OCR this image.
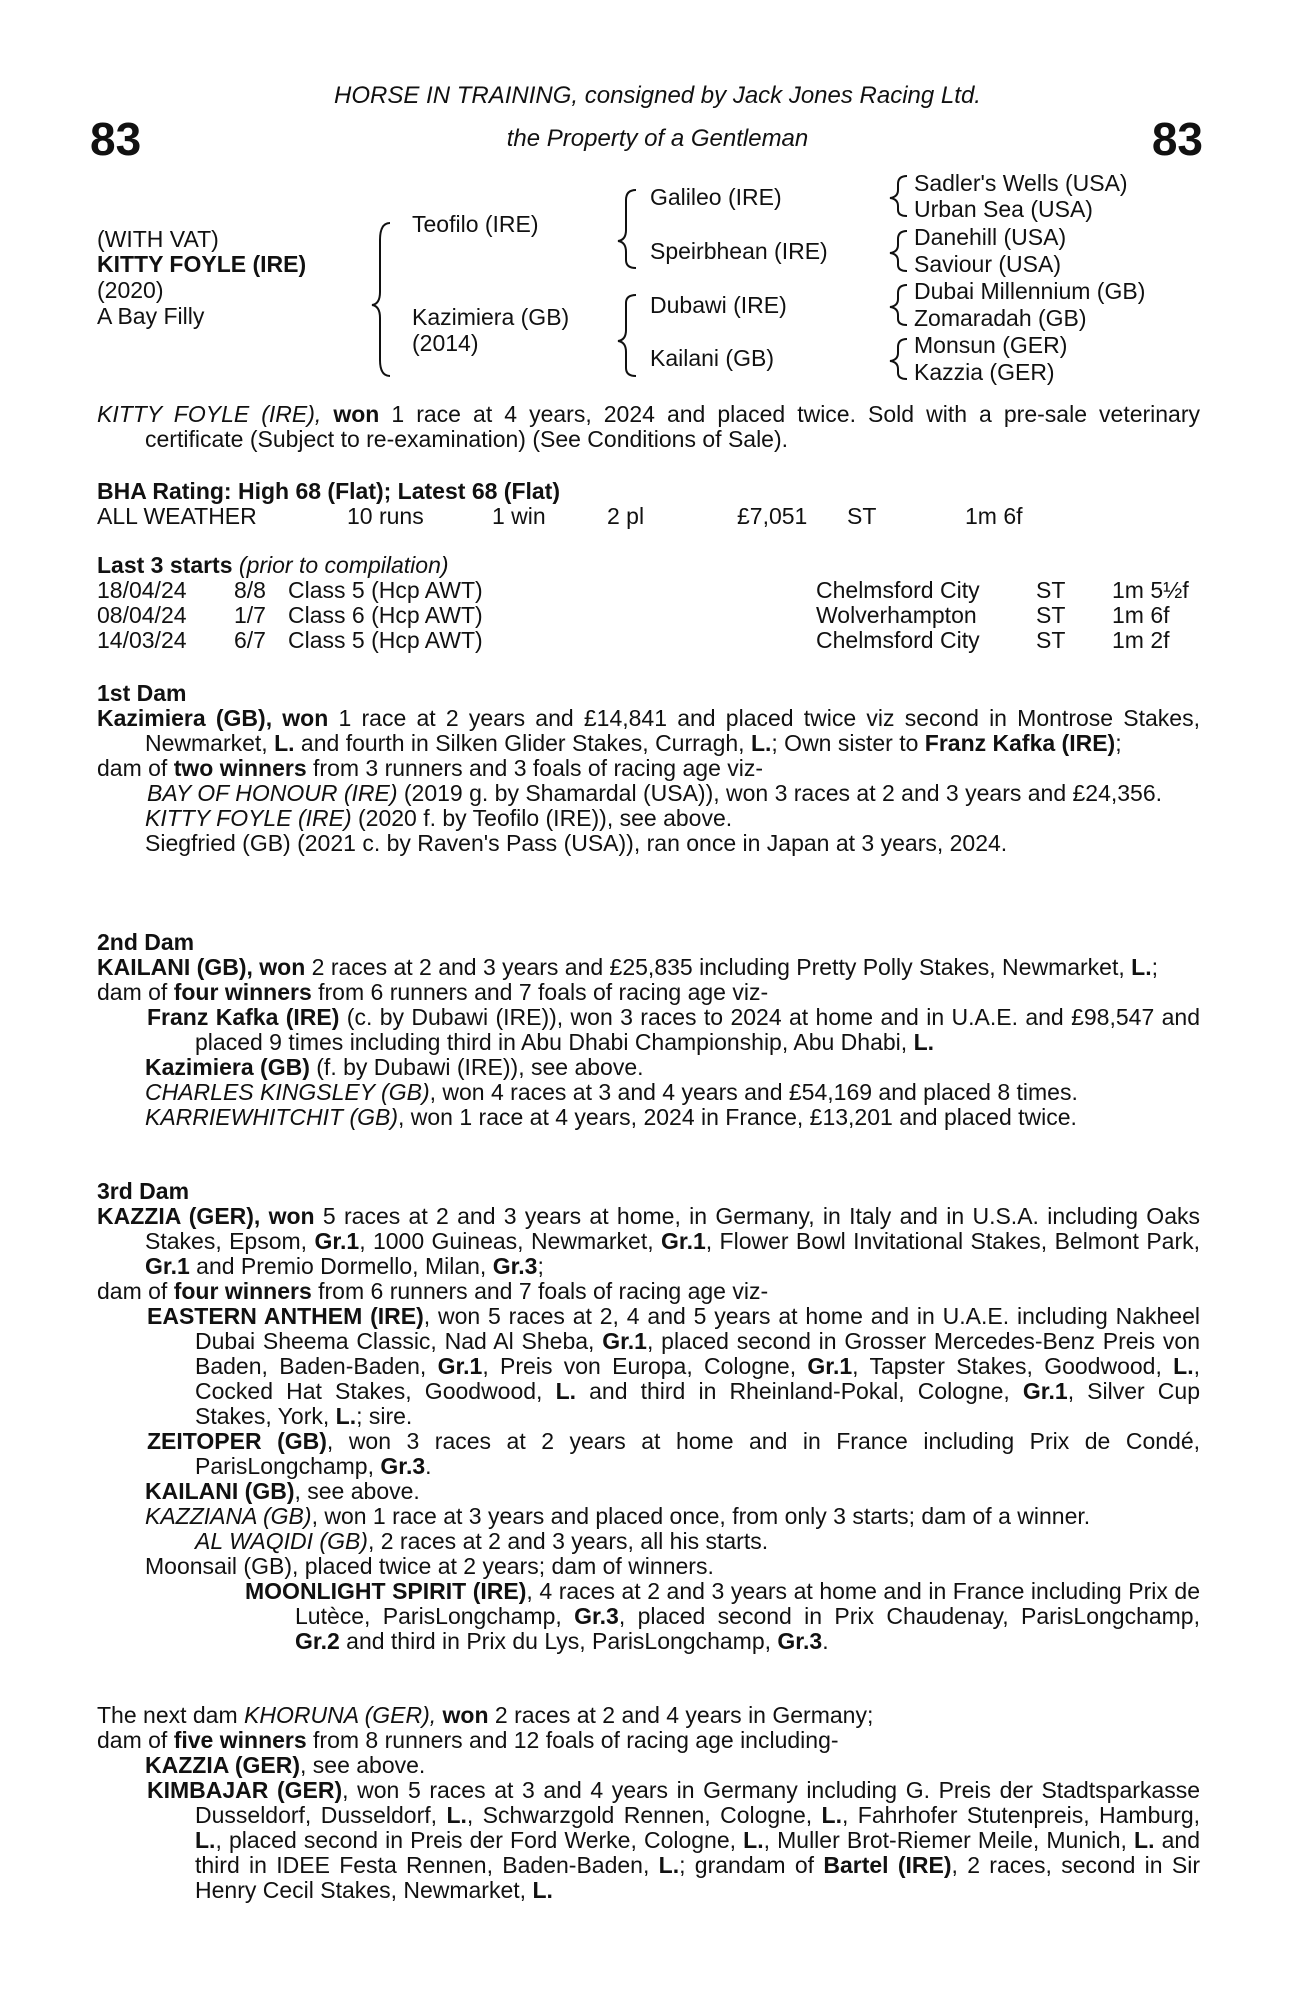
83	83
HORSE IN TRAINING, consigned by Jack Jones Racing Ltd.
the Property of a Gentleman
(WITH VAT)
KITTY FOYLE (IRE)
(2020)
A Bay Filly
Teofilo (IRE)
Kazimiera (GB)
(2014)
Galileo (IRE)
Speirbhean (IRE)
Dubawi (IRE)
Kailani (GB)
Sadler's Wells (USA)
Urban Sea (USA)
Danehill (USA)
Saviour (USA)
Dubai Millennium (GB)
Zomaradah (GB)
Monsun (GER)
Kazzia (GER)

KITTY FOYLE (IRE), won 1 race at 4 years, 2024 and placed twice. Sold with a pre-sale veterinary certificate (Subject to re-examination) (See Conditions of Sale).

BHA Rating: High 68 (Flat); Latest 68 (Flat)

ALL WEATHER	10 runs	1 win	2 pl	£7,051	ST	1m 6f

Last 3 starts (prior to compilation)

18/04/24	8/8	Class 5 (Hcp AWT)	Chelmsford City	ST	1m 5½f
08/04/24	1/7	Class 6 (Hcp AWT)	Wolverhampton	ST	1m 6f
14/03/24	6/7	Class 5 (Hcp AWT)	Chelmsford City	ST	1m 2f

1st Dam

Kazimiera (GB), won 1 race at 2 years and £14,841 and placed twice viz second in Montrose Stakes, Newmarket, L. and fourth in Silken Glider Stakes, Curragh, L.; Own sister to Franz Kafka (IRE);

dam of two winners from 3 runners and 3 foals of racing age viz-

BAY OF HONOUR (IRE) (2019 g. by Shamardal (USA)), won 3 races at 2 and 3 years and £24,356.

KITTY FOYLE (IRE) (2020 f. by Teofilo (IRE)), see above.

Siegfried (GB) (2021 c. by Raven's Pass (USA)), ran once in Japan at 3 years, 2024.

2nd Dam

KAILANI (GB), won 2 races at 2 and 3 years and £25,835 including Pretty Polly Stakes, Newmarket, L.;

dam of four winners from 6 runners and 7 foals of racing age viz-

Franz Kafka (IRE) (c. by Dubawi (IRE)), won 3 races to 2024 at home and in U.A.E. and £98,547 and placed 9 times including third in Abu Dhabi Championship, Abu Dhabi, L.

Kazimiera (GB) (f. by Dubawi (IRE)), see above.

CHARLES KINGSLEY (GB), won 4 races at 3 and 4 years and £54,169 and placed 8 times.

KARRIEWHITCHIT (GB), won 1 race at 4 years, 2024 in France, £13,201 and placed twice.

3rd Dam

KAZZIA (GER), won 5 races at 2 and 3 years at home, in Germany, in Italy and in U.S.A. including Oaks Stakes, Epsom, Gr.1, 1000 Guineas, Newmarket, Gr.1, Flower Bowl Invitational Stakes, Belmont Park, Gr.1 and Premio Dormello, Milan, Gr.3;

dam of four winners from 6 runners and 7 foals of racing age viz-

EASTERN ANTHEM (IRE), won 5 races at 2, 4 and 5 years at home and in U.A.E. including Nakheel Dubai Sheema Classic, Nad Al Sheba, Gr.1, placed second in Grosser Mercedes-Benz Preis von Baden, Baden-Baden, Gr.1, Preis von Europa, Cologne, Gr.1, Tapster Stakes, Goodwood, L., Cocked Hat Stakes, Goodwood, L. and third in Rheinland-Pokal, Cologne, Gr.1, Silver Cup Stakes, York, L.; sire.

ZEITOPER (GB), won 3 races at 2 years at home and in France including Prix de Condé, ParisLongchamp, Gr.3.

KAILANI (GB), see above.

KAZZIANA (GB), won 1 race at 3 years and placed once, from only 3 starts; dam of a winner.

AL WAQIDI (GB), 2 races at 2 and 3 years, all his starts.

Moonsail (GB), placed twice at 2 years; dam of winners.

MOONLIGHT SPIRIT (IRE), 4 races at 2 and 3 years at home and in France including Prix de Lutèce, ParisLongchamp, Gr.3, placed second in Prix Chaudenay, ParisLongchamp, Gr.2 and third in Prix du Lys, ParisLongchamp, Gr.3.

The next dam KHORUNA (GER), won 2 races at 2 and 4 years in Germany;

dam of five winners from 8 runners and 12 foals of racing age including-

KAZZIA (GER), see above.

KIMBAJAR (GER), won 5 races at 3 and 4 years in Germany including G. Preis der Stadtsparkasse Dusseldorf, Dusseldorf, L., Schwarzgold Rennen, Cologne, L., Fahrhofer Stutenpreis, Hamburg, L., placed second in Preis der Ford Werke, Cologne, L., Muller Brot-Riemer Meile, Munich, L. and third in IDEE Festa Rennen, Baden-Baden, L.; grandam of Bartel (IRE), 2 races, second in Sir Henry Cecil Stakes, Newmarket, L.
